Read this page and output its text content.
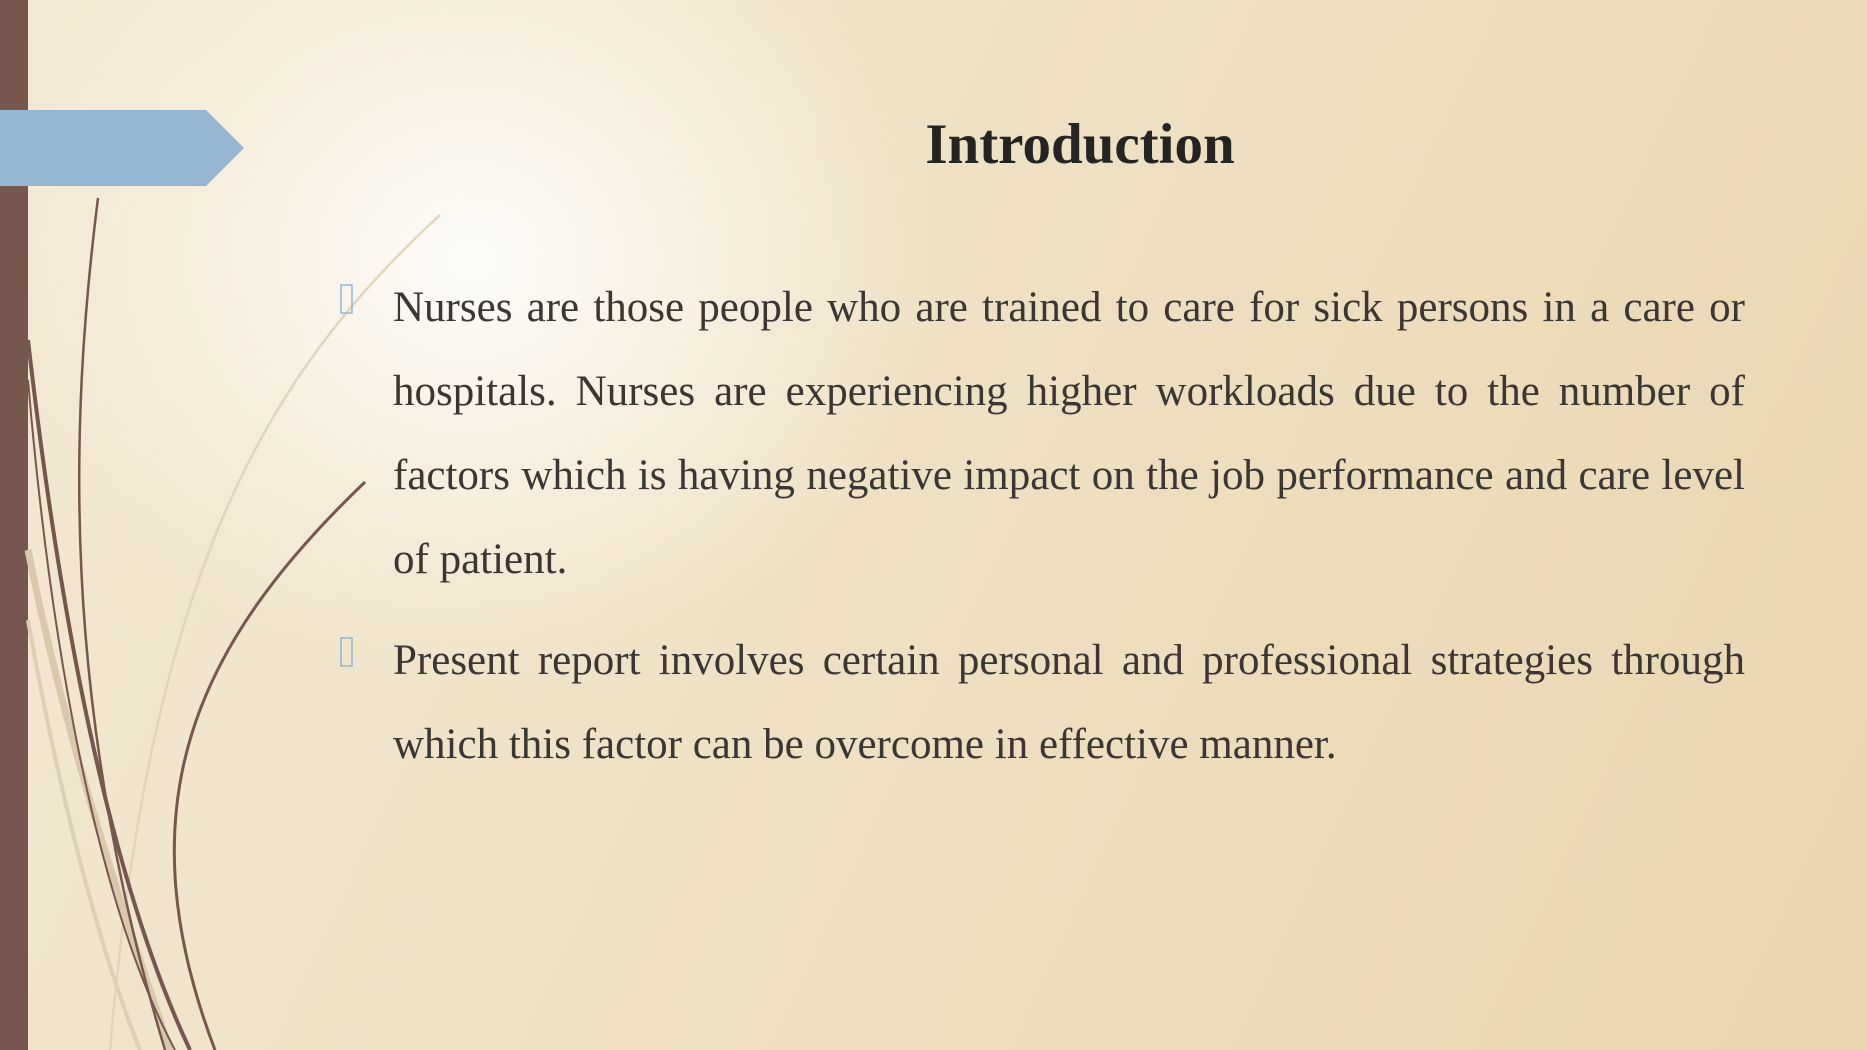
Introduction
Nurses are those people who are trained to care for sick persons in a care or hospitals. Nurses are experiencing higher workloads due to the number of factors which is having negative impact on the job performance and care level of patient.
Present report involves certain personal and professional strategies through which this factor can be overcome in effective manner.
